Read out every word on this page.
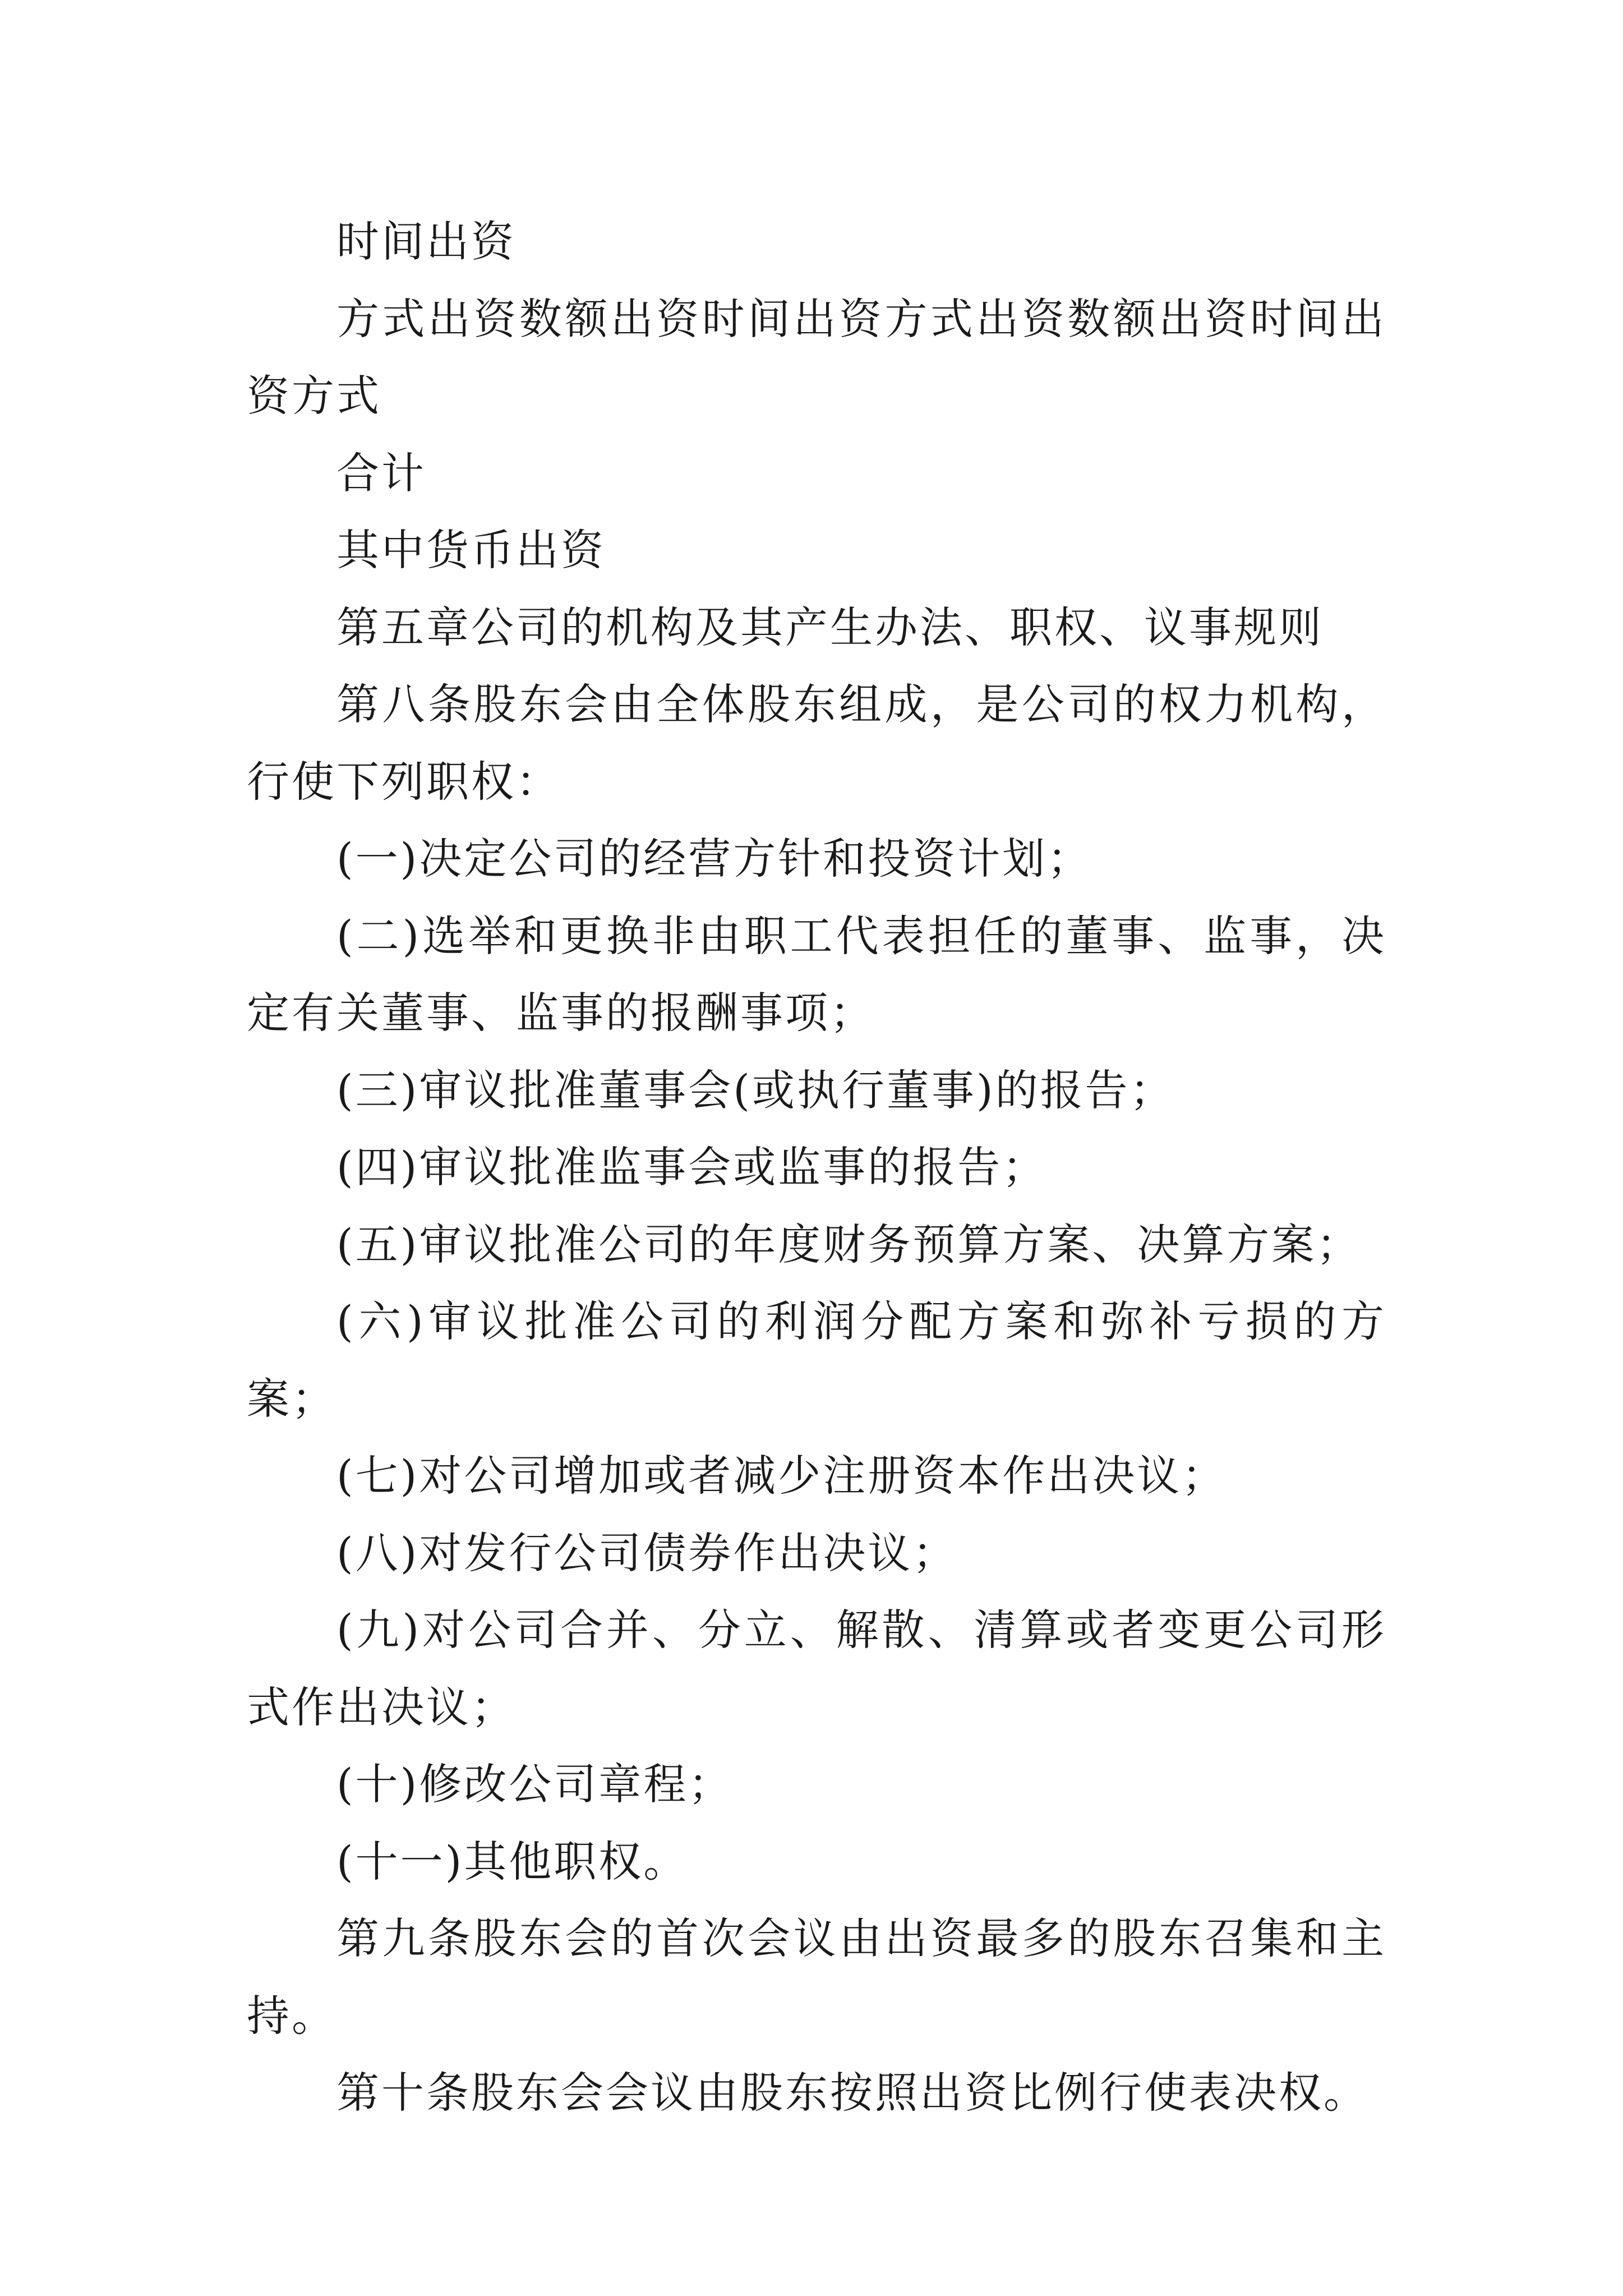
时间出资

方式出资数额出资时间出资方式出资数额出资时间出资方式

合计

其中货币出资

第五章公司的机构及其产生办法、职权、议事规则

第八条股东会由全体股东组成，是公司的权力机构，行使下列职权：

(一)决定公司的经营方针和投资计划；

(二)选举和更换非由职工代表担任的董事、监事，决定有关董事、监事的报酬事项；

(三)审议批准董事会(或执行董事)的报告；

(四)审议批准监事会或监事的报告；

(五)审议批准公司的年度财务预算方案、决算方案；

(六)审议批准公司的利润分配方案和弥补亏损的方案；

(七)对公司增加或者减少注册资本作出决议；

(八)对发行公司债券作出决议；

(九)对公司合并、分立、解散、清算或者变更公司形式作出决议；

(十)修改公司章程；

(十一)其他职权。

第九条股东会的首次会议由出资最多的股东召集和主持。

第十条股东会会议由股东按照出资比例行使表决权。
